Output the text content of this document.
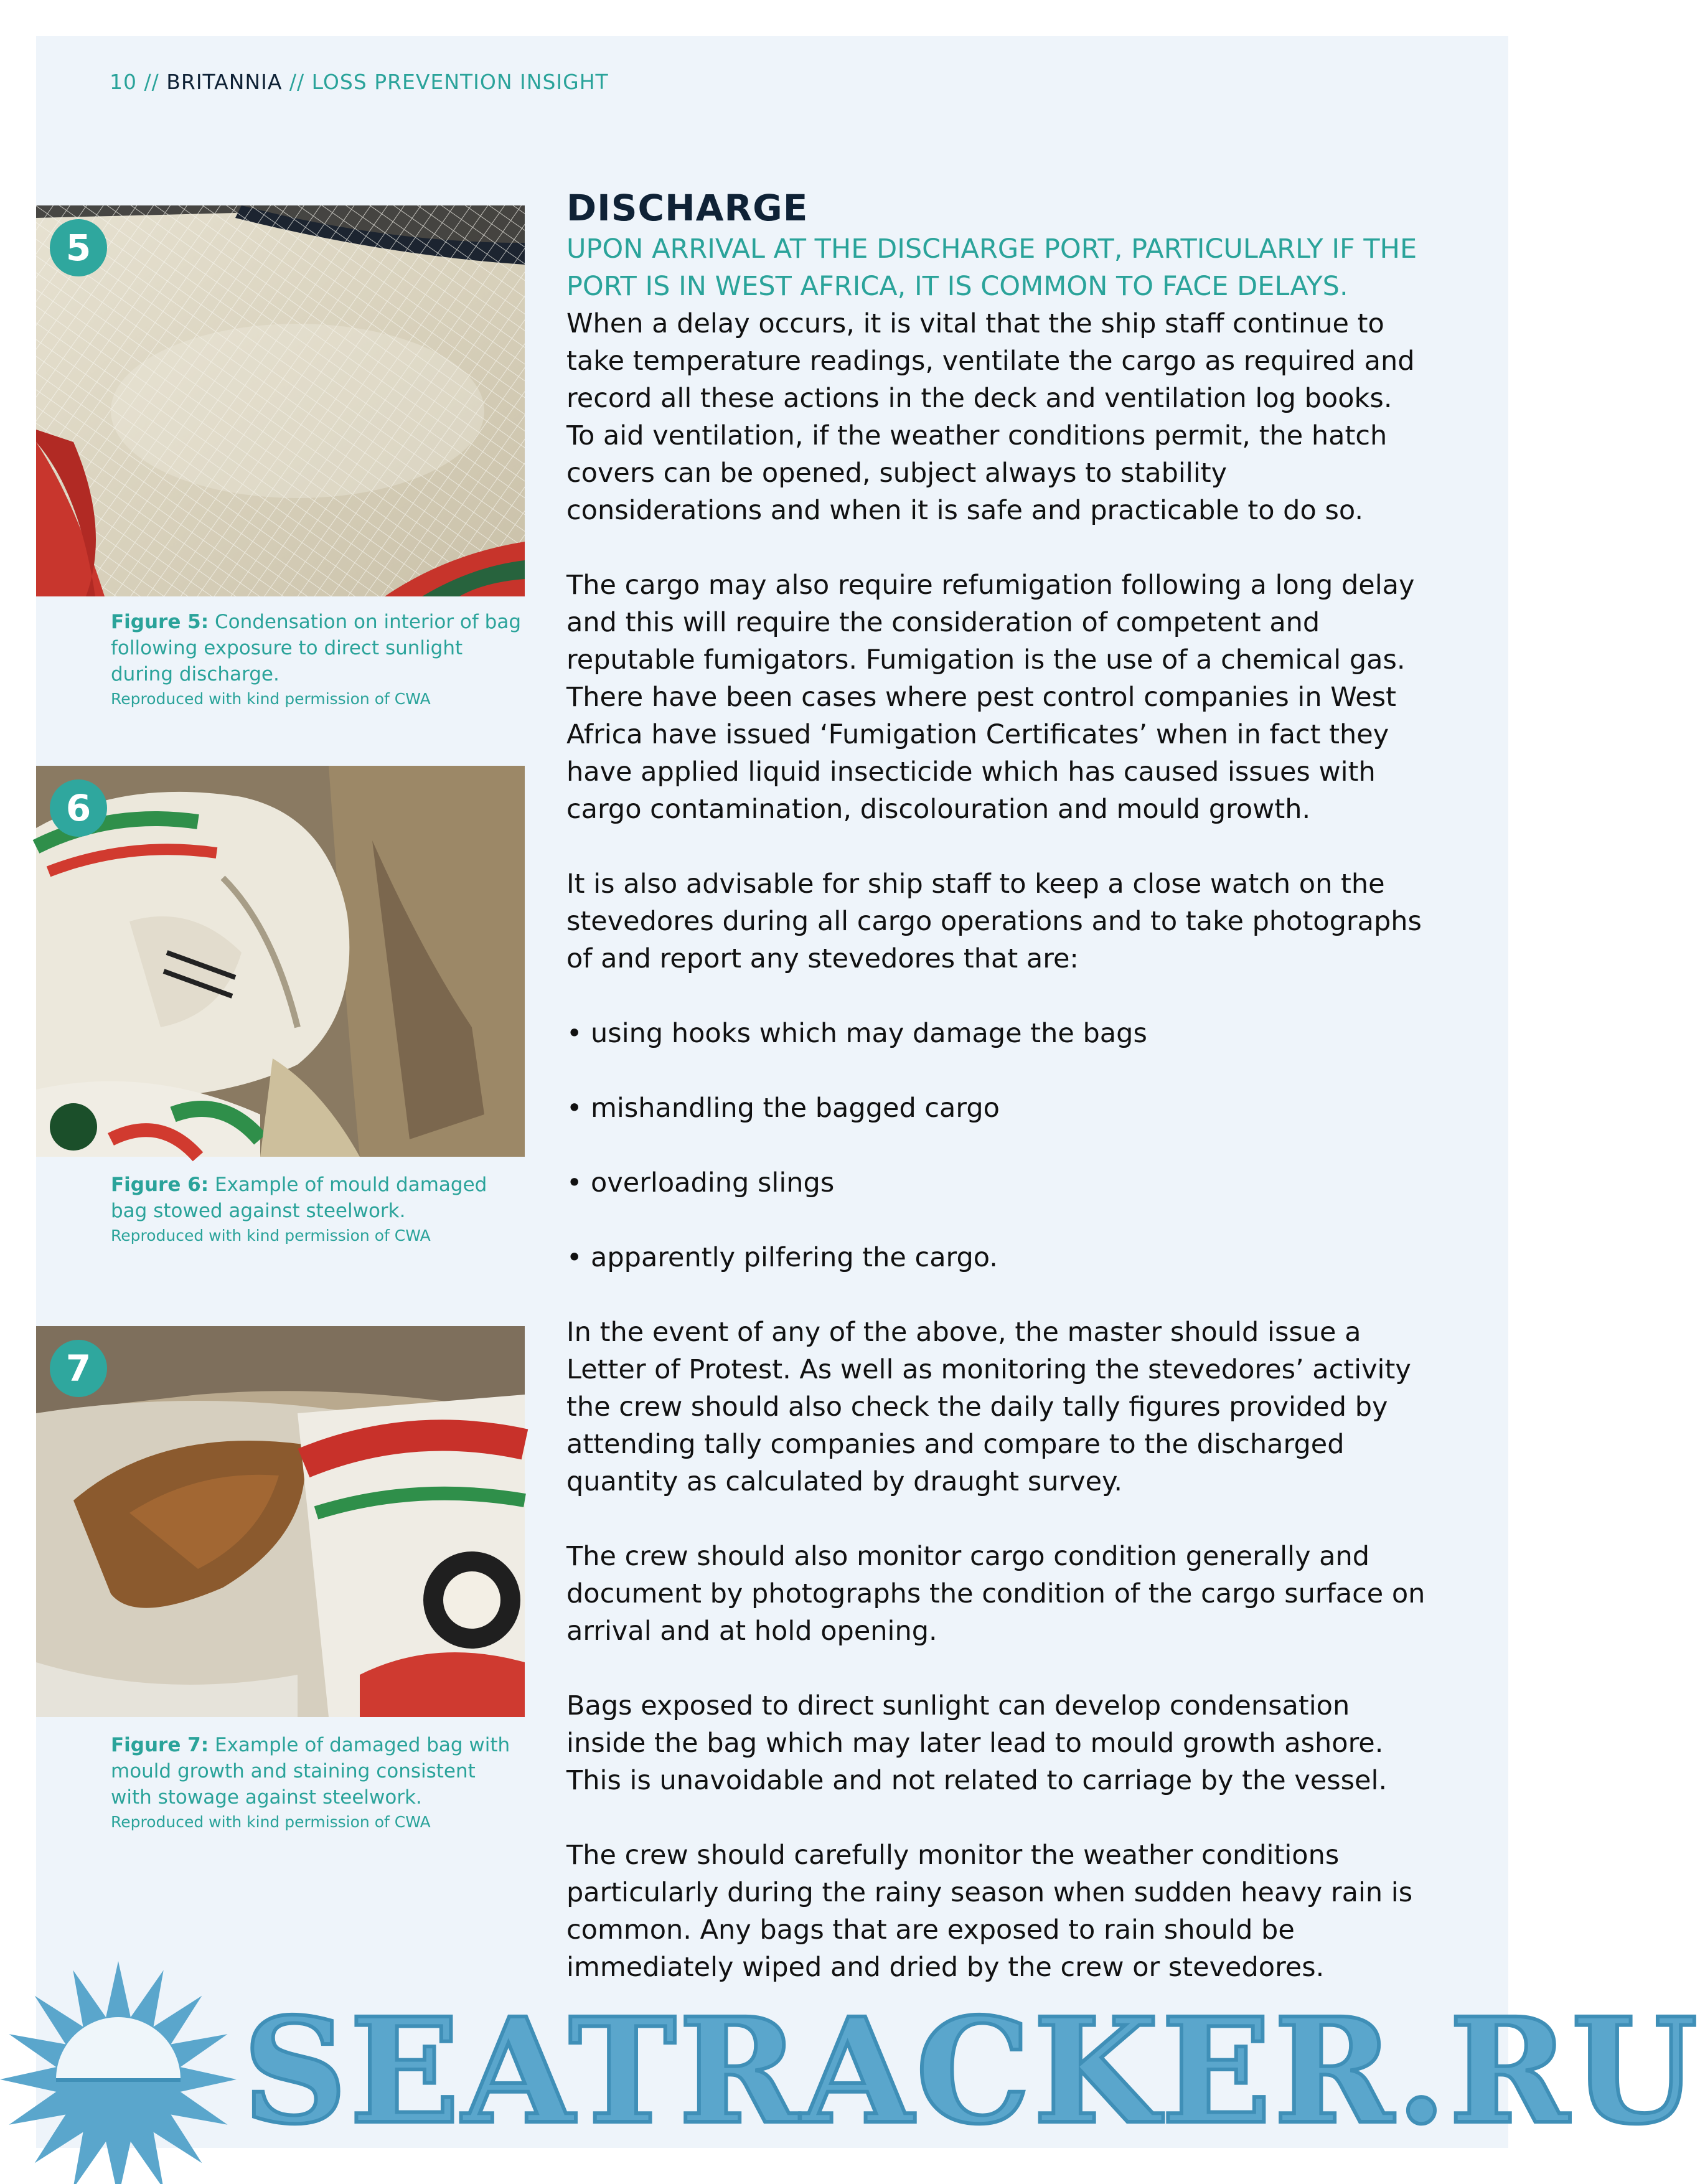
10 // BRITANNIA // LOSS PREVENTION INSIGHT
5
Figure 5: Condensation on interior of bag following exposure to direct sunlight during discharge.
Reproduced with kind permission of CWA
6
Figure 6: Example of mould damaged bag stowed against steelwork.
Reproduced with kind permission of CWA
7
Figure 7: Example of damaged bag with mould growth and staining consistent with stowage against steelwork.
Reproduced with kind permission of CWA
DISCHARGE

UPON ARRIVAL AT THE DISCHARGE PORT, PARTICULARLY IF THE PORT IS IN WEST AFRICA, IT IS COMMON TO FACE DELAYS.

When a delay occurs, it is vital that the ship staff continue to take temperature readings, ventilate the cargo as required and record all these actions in the deck and ventilation log books. To aid ventilation, if the weather conditions permit, the hatch covers can be opened, subject always to stability considerations and when it is safe and practicable to do so.

The cargo may also require refumigation following a long delay and this will require the consideration of competent and reputable fumigators. Fumigation is the use of a chemical gas. There have been cases where pest control companies in West Africa have issued ‘Fumigation Certificates’ when in fact they have applied liquid insecticide which has caused issues with cargo contamination, discolouration and mould growth.

It is also advisable for ship staff to keep a close watch on the stevedores during all cargo operations and to take photographs of and report any stevedores that are:

• using hooks which may damage the bags

• mishandling the bagged cargo

• overloading slings

• apparently pilfering the cargo.

In the event of any of the above, the master should issue a Letter of Protest. As well as monitoring the stevedores’ activity the crew should also check the daily tally figures provided by attending tally companies and compare to the discharged quantity as calculated by draught survey.

The crew should also monitor cargo condition generally and document by photographs the condition of the cargo surface on arrival and at hold opening.

Bags exposed to direct sunlight can develop condensation inside the bag which may later lead to mould growth ashore. This is unavoidable and not related to carriage by the vessel.

The crew should carefully monitor the weather conditions particularly during the rainy season when sudden heavy rain is common. Any bags that are exposed to rain should be immediately wiped and dried by the crew or stevedores.

SEATRACKER.RU
